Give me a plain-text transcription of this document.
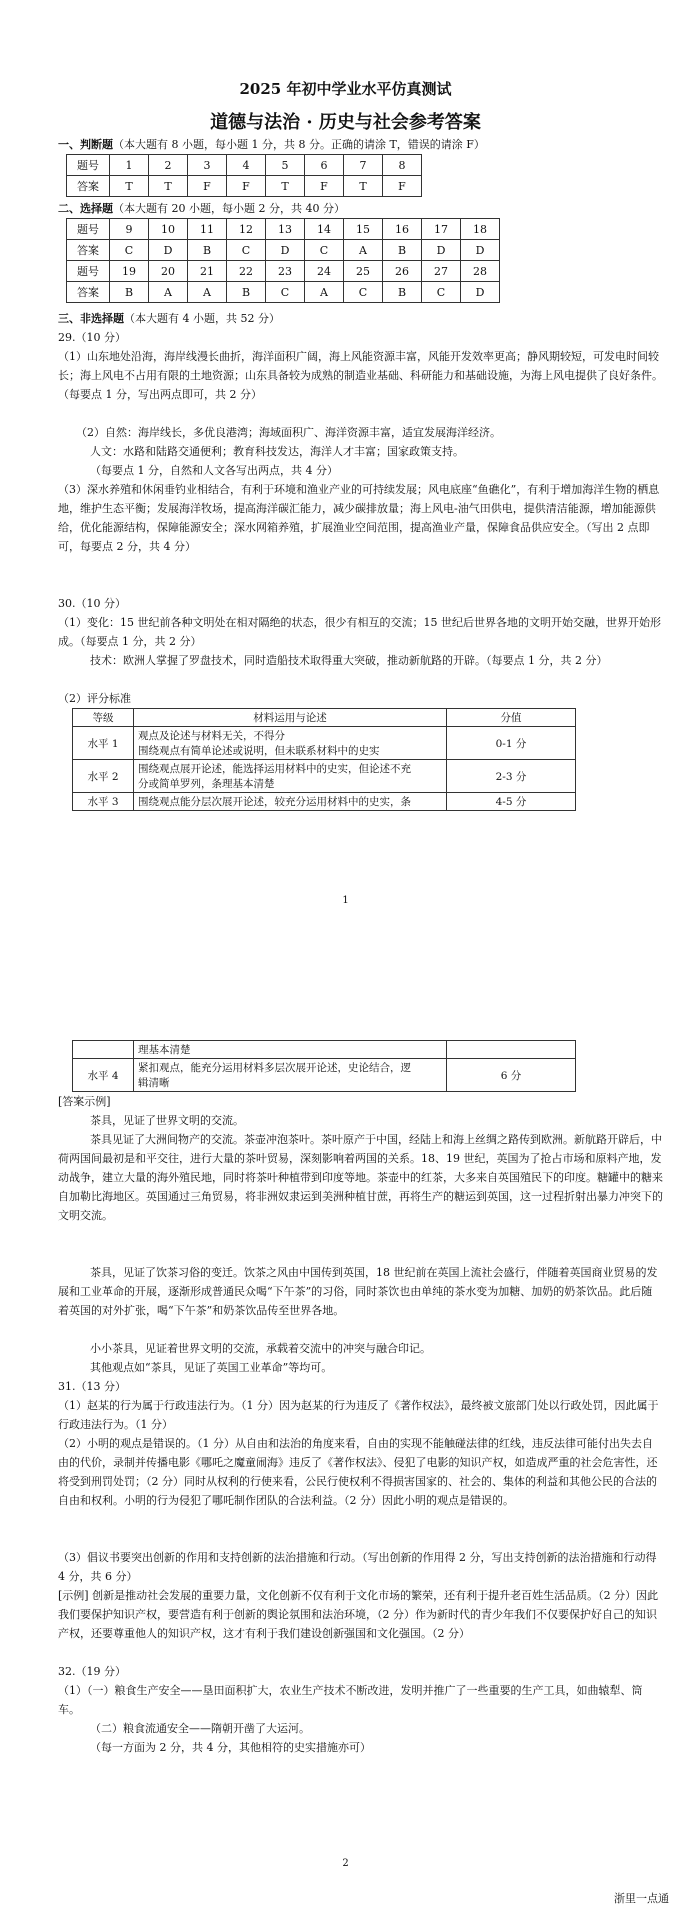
2025 年初中学业水平仿真测试
道德与法治 · 历史与社会参考答案
一、判断题（本大题有 8 小题，每小题 1 分，共 8 分。正确的请涂 T，错误的请涂 F）
题号	1	2	3	4	5	6	7	8
答案	T	T	F	F	T	F	T	F
二、选择题（本大题有 20 小题，每小题 2 分，共 40 分）
题号	9	10	11	12	13	14	15	16	17	18
答案	C	D	B	C	D	C	A	B	D	D
题号	19	20	21	22	23	24	25	26	27	28
答案	B	A	A	B	C	A	C	B	C	D
三、非选择题（本大题有 4 小题，共 52 分）
29.（10 分）
（1）山东地处沿海，海岸线漫长曲折，海洋面积广阔，海上风能资源丰富，风能开发效率更高；静风期较短，可发电时间较长；海上风电不占用有限的土地资源；山东具备较为成熟的制造业基础、科研能力和基础设施，为海上风电提供了良好条件。（每要点 1 分，写出两点即可，共 2 分）
（2）自然：海岸线长，多优良港湾；海域面积广、海洋资源丰富，适宜发展海洋经济。
人文：水路和陆路交通便利；教育科技发达，海洋人才丰富；国家政策支持。
（每要点 1 分，自然和人文各写出两点，共 4 分）
（3）深水养殖和休闲垂钓业相结合，有利于环境和渔业产业的可持续发展；风电底座“鱼礁化”，有利于增加海洋生物的栖息地，维护生态平衡；发展海洋牧场，提高海洋碳汇能力，减少碳排放量；海上风电-油气田供电，提供清洁能源，增加能源供给，优化能源结构，保障能源安全；深水网箱养殖，扩展渔业空间范围，提高渔业产量，保障食品供应安全。（写出 2 点即可，每要点 2 分，共 4 分）
30.（10 分）
（1）变化：15 世纪前各种文明处在相对隔绝的状态，很少有相互的交流；15 世纪后世界各地的文明开始交融，世界开始形成。（每要点 1 分，共 2 分）
技术：欧洲人掌握了罗盘技术，同时造船技术取得重大突破，推动新航路的开辟。（每要点 1 分，共 2 分）
（2）评分标准
等级	材料运用与论述	分值
水平 1	观点及论述与材料无关，不得分
围绕观点有简单论述或说明，但未联系材料中的史实	0-1 分
水平 2	围绕观点展开论述，能选择运用材料中的史实，但论述不充
分或简单罗列，条理基本清楚	2-3 分
水平 3	围绕观点能分层次展开论述，较充分运用材料中的史实，条	4-5 分
1
	理基本清楚	
水平 4	紧扣观点，能充分运用材料多层次展开论述，史论结合，逻
辑清晰	6 分
[答案示例]
茶具，见证了世界文明的交流。
茶具见证了大洲间物产的交流。茶壶冲泡茶叶。茶叶原产于中国，经陆上和海上丝绸之路传到欧洲。新航路开辟后，中荷两国间最初是和平交往，进行大量的茶叶贸易，深刻影响着两国的关系。18、19 世纪，英国为了抢占市场和原料产地，发动战争，建立大量的海外殖民地，同时将茶叶种植带到印度等地。茶壶中的红茶，大多来自英国殖民下的印度。糖罐中的糖来自加勒比海地区。英国通过三角贸易，将非洲奴隶运到美洲种植甘蔗，再将生产的糖运到英国，这一过程折射出暴力冲突下的文明交流。
茶具，见证了饮茶习俗的变迁。饮茶之风由中国传到英国，18 世纪前在英国上流社会盛行，伴随着英国商业贸易的发展和工业革命的开展，逐渐形成普通民众喝“下午茶”的习俗，同时茶饮也由单纯的茶水变为加糖、加奶的奶茶饮品。此后随着英国的对外扩张，喝“下午茶”和奶茶饮品传至世界各地。
小小茶具，见证着世界文明的交流，承载着交流中的冲突与融合印记。
其他观点如“茶具，见证了英国工业革命”等均可。
31.（13 分）
（1）赵某的行为属于行政违法行为。（1 分）因为赵某的行为违反了《著作权法》，最终被文旅部门处以行政处罚，因此属于行政违法行为。（1 分）
（2）小明的观点是错误的。（1 分）从自由和法治的角度来看，自由的实现不能触碰法律的红线，违反法律可能付出失去自由的代价，录制并传播电影《哪吒之魔童闹海》违反了《著作权法》、侵犯了电影的知识产权，如造成严重的社会危害性，还将受到刑罚处罚；（2 分）同时从权利的行使来看，公民行使权利不得损害国家的、社会的、集体的利益和其他公民的合法的自由和权利。小明的行为侵犯了哪吒制作团队的合法利益。（2 分）因此小明的观点是错误的。
（3）倡议书要突出创新的作用和支持创新的法治措施和行动。（写出创新的作用得 2 分，写出支持创新的法治措施和行动得 4 分，共 6 分）
[示例] 创新是推动社会发展的重要力量，文化创新不仅有利于文化市场的繁荣，还有利于提升老百姓生活品质。（2 分）因此我们要保护知识产权，要营造有利于创新的舆论氛围和法治环境，（2 分）作为新时代的青少年我们不仅要保护好自己的知识产权，还要尊重他人的知识产权，这才有利于我们建设创新强国和文化强国。（2 分）
32.（19 分）
（1）（一）粮食生产安全——垦田面积扩大，农业生产技术不断改进，发明并推广了一些重要的生产工具，如曲辕犁、筒车。
（二）粮食流通安全——隋朝开凿了大运河。
（每一方面为 2 分，共 4 分，其他相符的史实措施亦可）
2
浙里一点通
